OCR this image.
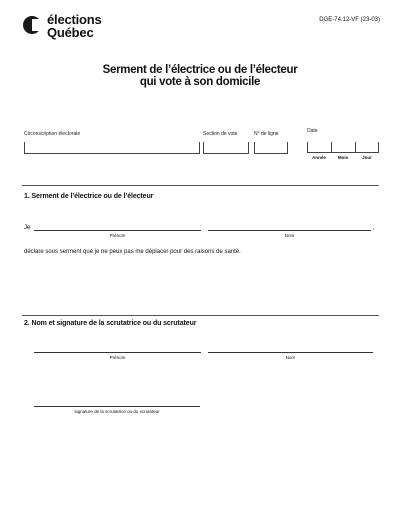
élections
Québec
DGE-74.12-VF (23-03)
Serment de l’électrice ou de l’électeur
qui vote à son domicile
Circonscription électorale	Section de vote	N° de ligne	Date
Année	Mois	Jour
1. Serment de l’électrice ou de l’électeur
Je	,
Prénom	Nom
déclare sous serment que je ne peux pas me déplacer pour des raisons de santé.
2. Nom et signature de la scrutatrice ou du scrutateur
Prénom	Nom
signature de la scrutatrice ou du scrutateur
